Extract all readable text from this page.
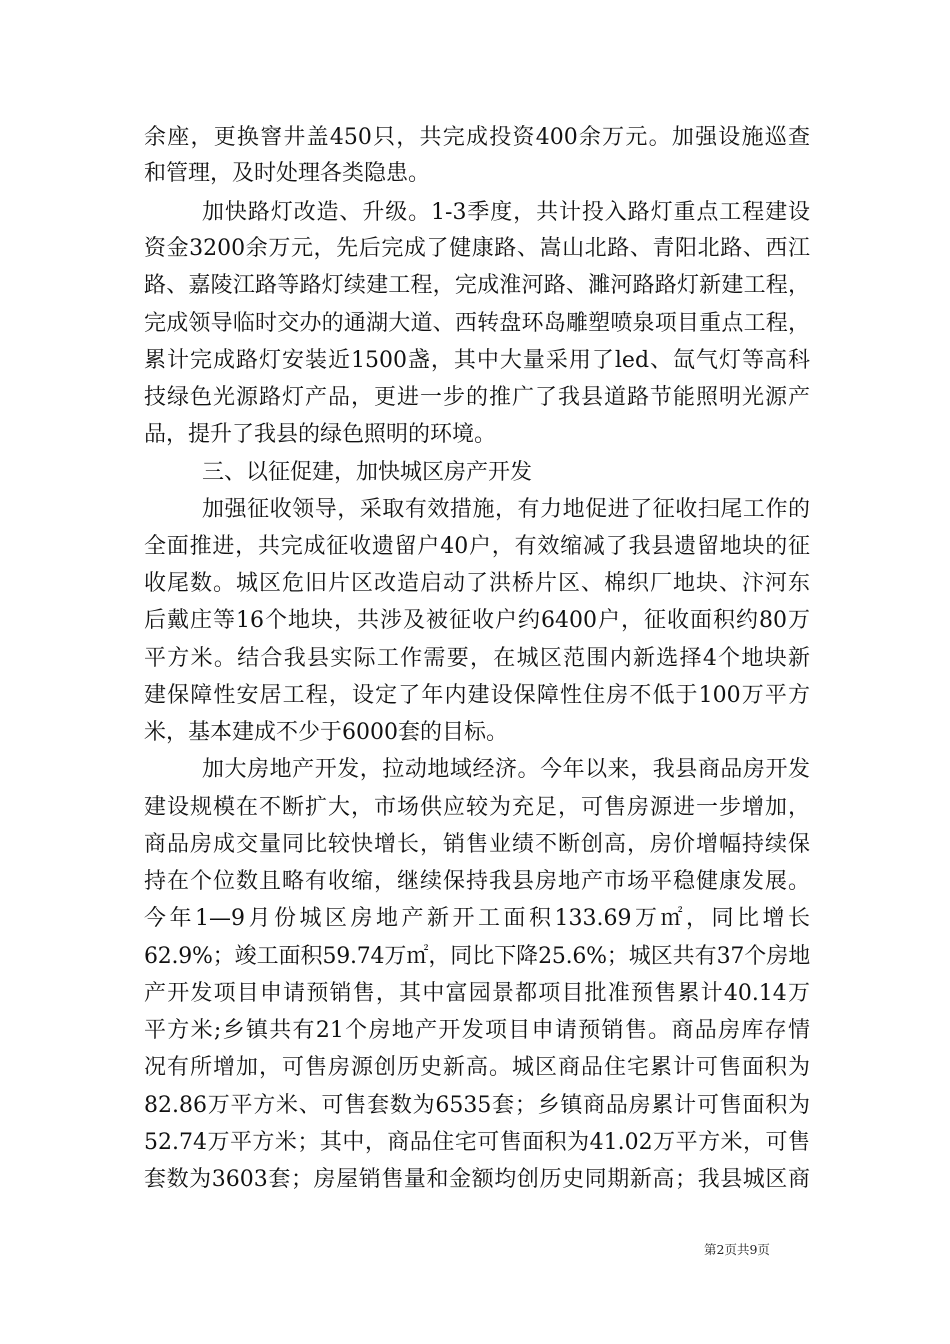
余座，更换窨井盖450只，共完成投资400余万元。加强设施巡查
和管理，及时处理各类隐患。
加快路灯改造、升级。1-3季度，共计投入路灯重点工程建设
资金3200余万元，先后完成了健康路、嵩山北路、青阳北路、西江
路、嘉陵江路等路灯续建工程，完成淮河路、濉河路路灯新建工程，
完成领导临时交办的通湖大道、西转盘环岛雕塑喷泉项目重点工程，
累计完成路灯安装近1500盏，其中大量采用了led、氙气灯等高科
技绿色光源路灯产品，更进一步的推广了我县道路节能照明光源产
品，提升了我县的绿色照明的环境。
三、以征促建，加快城区房产开发
加强征收领导，采取有效措施，有力地促进了征收扫尾工作的
全面推进，共完成征收遗留户40户，有效缩减了我县遗留地块的征
收尾数。城区危旧片区改造启动了洪桥片区、棉织厂地块、汴河东
后戴庄等16个地块，共涉及被征收户约6400户，征收面积约80万
平方米。结合我县实际工作需要，在城区范围内新选择4个地块新
建保障性安居工程，设定了年内建设保障性住房不低于100万平方
米，基本建成不少于6000套的目标。
加大房地产开发，拉动地域经济。今年以来，我县商品房开发
建设规模在不断扩大，市场供应较为充足，可售房源进一步增加，
商品房成交量同比较快增长，销售业绩不断创高，房价增幅持续保
持在个位数且略有收缩，继续保持我县房地产市场平稳健康发展。
今年1—9月份城区房地产新开工面积133.69万㎡，同比增长
62.9%；竣工面积59.74万㎡，同比下降25.6%；城区共有37个房地
产开发项目申请预销售，其中富园景都项目批准预售累计40.14万
平方米;乡镇共有21个房地产开发项目申请预销售。商品房库存情
况有所增加，可售房源创历史新高。城区商品住宅累计可售面积为
82.86万平方米、可售套数为6535套；乡镇商品房累计可售面积为
52.74万平方米；其中，商品住宅可售面积为41.02万平方米，可售
套数为3603套；房屋销售量和金额均创历史同期新高；我县城区商
第2页共9页
